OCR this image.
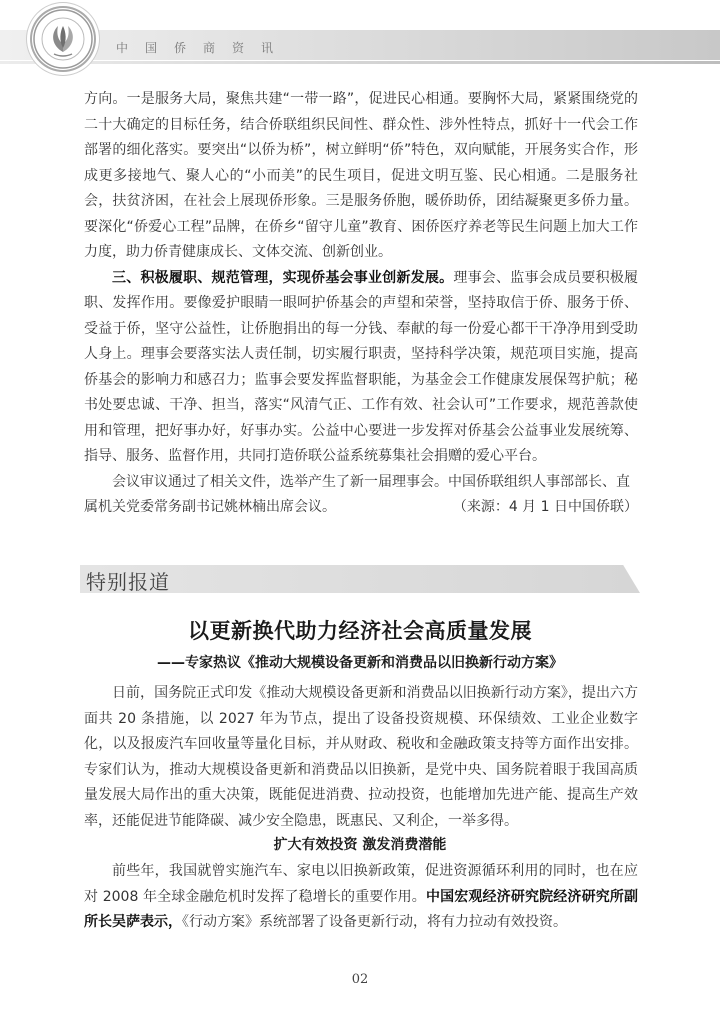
中国侨商资讯

方向。一是服务大局，聚焦共建“一带一路”，促进民心相通。要胸怀大局，紧紧围绕党的二十大确定的目标任务，结合侨联组织民间性、群众性、涉外性特点，抓好十一代会工作部署的细化落实。要突出“以侨为桥”，树立鲜明“侨”特色，双向赋能，开展务实合作，形成更多接地气、聚人心的“小而美”的民生项目，促进文明互鉴、民心相通。二是服务社会，扶贫济困，在社会上展现侨形象。三是服务侨胞，暖侨助侨，团结凝聚更多侨力量。要深化“侨爱心工程”品牌，在侨乡“留守儿童”教育、困侨医疗养老等民生问题上加大工作力度，助力侨青健康成长、文体交流、创新创业。

三、积极履职、规范管理，实现侨基会事业创新发展。理事会、监事会成员要积极履职、发挥作用。要像爱护眼睛一眼呵护侨基会的声望和荣誉，坚持取信于侨、服务于侨、受益于侨，坚守公益性，让侨胞捐出的每一分钱、奉献的每一份爱心都干干净净用到受助人身上。理事会要落实法人责任制，切实履行职责，坚持科学决策，规范项目实施，提高侨基会的影响力和感召力；监事会要发挥监督职能，为基金会工作健康发展保驾护航；秘书处要忠诚、干净、担当，落实“风清气正、工作有效、社会认可”工作要求，规范善款使用和管理，把好事办好，好事办实。公益中心要进一步发挥对侨基会公益事业发展统筹、指导、服务、监督作用，共同打造侨联公益系统募集社会捐赠的爱心平台。

会议审议通过了相关文件，选举产生了新一届理事会。中国侨联组织人事部部长、直

属机关党委常务副书记姚林楠出席会议。	（来源：4 月 1 日中国侨联）
特别报道
以更新换代助力经济社会高质量发展
——专家热议《推动大规模设备更新和消费品以旧换新行动方案》

日前，国务院正式印发《推动大规模设备更新和消费品以旧换新行动方案》，提出六方面共 20 条措施，以 2027 年为节点，提出了设备投资规模、环保绩效、工业企业数字化，以及报废汽车回收量等量化目标，并从财政、税收和金融政策支持等方面作出安排。专家们认为，推动大规模设备更新和消费品以旧换新，是党中央、国务院着眼于我国高质量发展大局作出的重大决策，既能促进消费、拉动投资，也能增加先进产能、提高生产效率，还能促进节能降碳、减少安全隐患，既惠民、又利企，一举多得。

扩大有效投资 激发消费潜能

前些年，我国就曾实施汽车、家电以旧换新政策，促进资源循环利用的同时，也在应对 2008 年全球金融危机时发挥了稳增长的重要作用。中国宏观经济研究院经济研究所副所长吴萨表示，《行动方案》系统部署了设备更新行动，将有力拉动有效投资。

02
